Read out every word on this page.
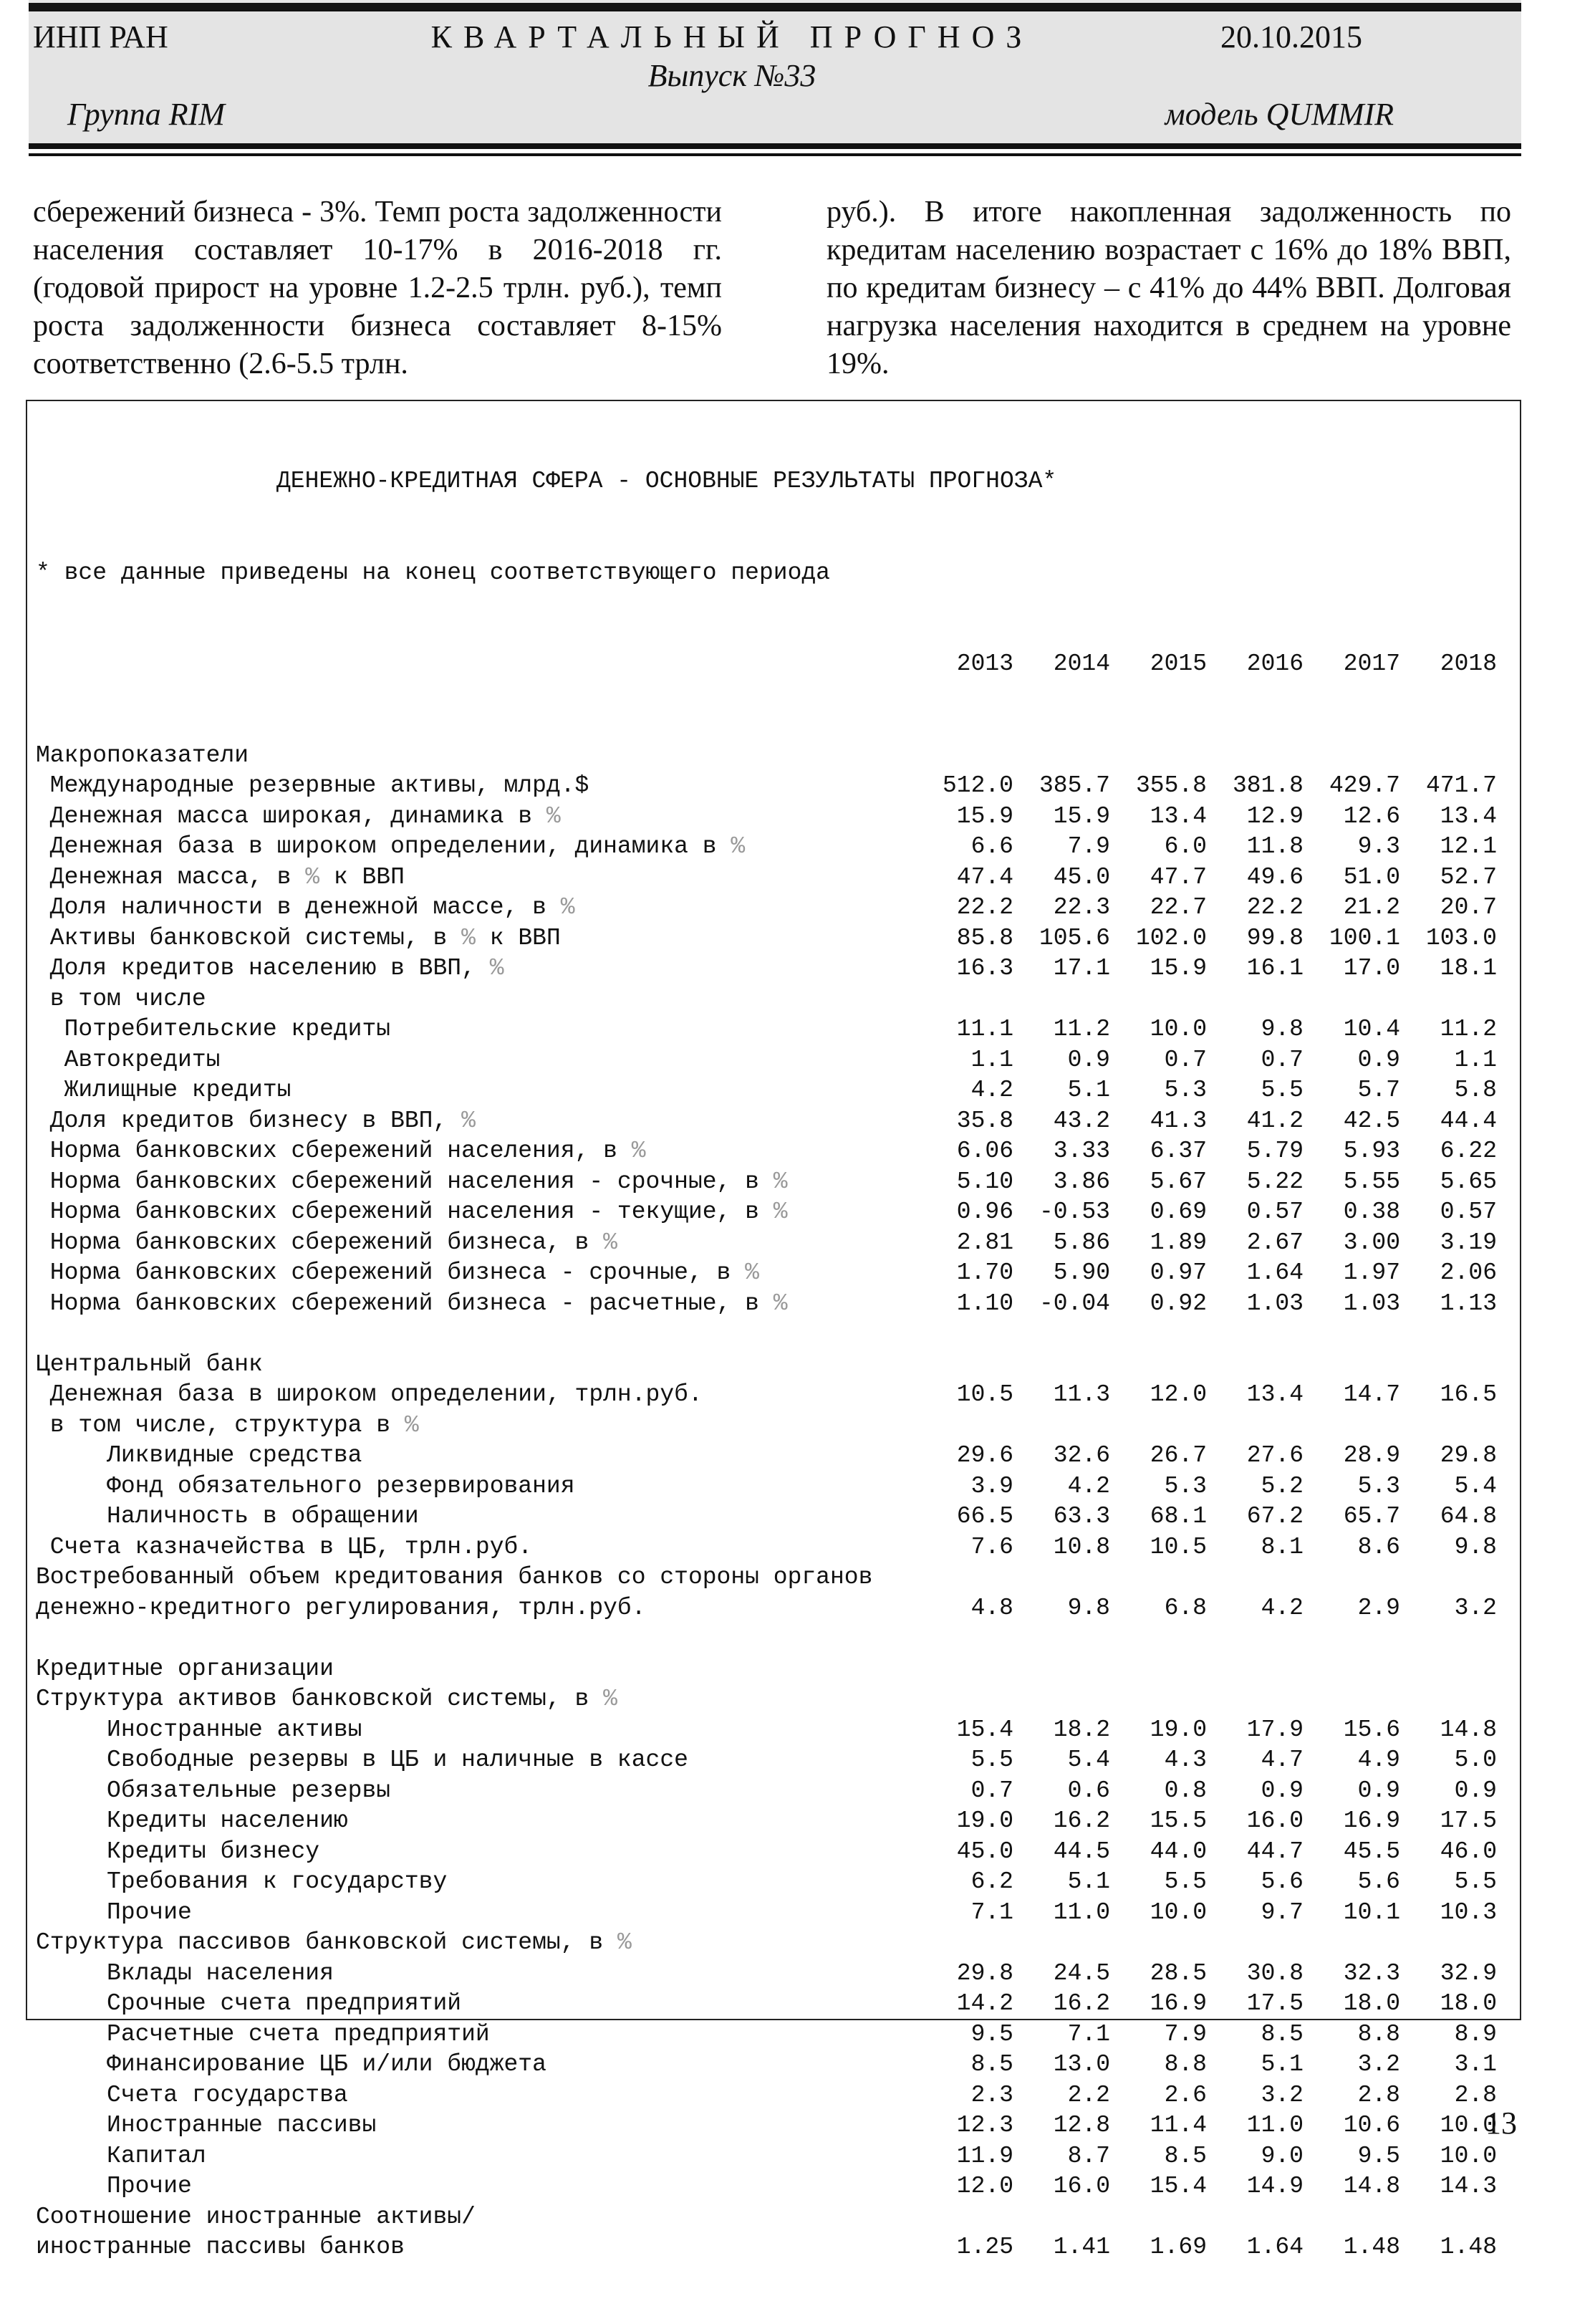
ИНП РАН	КВАРТАЛЬНЫЙ ПРОГНОЗ	20.10.2015
Выпуск №33
Группа RIM	модель QUMMIR
сбережений бизнеса - 3%. Темп роста задолженности населения составляет 10-17% в 2016-2018 гг. (годовой прирост на уровне 1.2-2.5 трлн. руб.), темп роста задолженности бизнеса составляет 8-15% соответственно (2.6-5.5 трлн.
руб.). В итоге накопленная задолженность по кредитам населению возрастает с 16% до 18% ВВП, по кредитам бизнесу – с 41% до 44% ВВП. Долговая нагрузка населения находится в среднем на уровне 19%.

ДЕНЕЖНО-КРЕДИТНАЯ СФЕРА - ОСНОВНЫЕ РЕЗУЛЬТАТЫ ПРОГНОЗА*

* все данные приведены на конец соответствующего периода

2013 2014 2015 2016 2017 2018

Макропоказатели
Международные резервные активы, млрд.$	512.0 385.7 355.8 381.8 429.7 471.7
Денежная масса широкая, динамика в %	15.9 15.9 13.4 12.9 12.6 13.4
Денежная база в широком определении, динамика в %	6.6 7.9 6.0 11.8 9.3 12.1
Денежная масса, в % к ВВП	47.4 45.0 47.7 49.6 51.0 52.7
Доля наличности в денежной массе, в %	22.2 22.3 22.7 22.2 21.2 20.7
Активы банковской системы, в % к ВВП	85.8 105.6 102.0 99.8 100.1 103.0
Доля кредитов населению в ВВП, %	16.3 17.1 15.9 16.1 17.0 18.1
в том числе
Потребительские кредиты	11.1 11.2 10.0 9.8 10.4 11.2
Автокредиты	1.1 0.9 0.7 0.7 0.9 1.1
Жилищные кредиты	4.2 5.1 5.3 5.5 5.7 5.8
Доля кредитов бизнесу в ВВП, %	35.8 43.2 41.3 41.2 42.5 44.4
Норма банковских сбережений населения, в %	6.06 3.33 6.37 5.79 5.93 6.22
Норма банковских сбережений населения - срочные, в %	5.10 3.86 5.67 5.22 5.55 5.65
Норма банковских сбережений населения - текущие, в %	0.96 -0.53 0.69 0.57 0.38 0.57
Норма банковских сбережений бизнеса, в %	2.81 5.86 1.89 2.67 3.00 3.19
Норма банковских сбережений бизнеса - срочные, в %	1.70 5.90 0.97 1.64 1.97 2.06
Норма банковских сбережений бизнеса - расчетные, в %	1.10 -0.04 0.92 1.03 1.03 1.13
Центральный банк
Денежная база в широком определении, трлн.руб.	10.5 11.3 12.0 13.4 14.7 16.5
в том числе, структура в %
Ликвидные средства	29.6 32.6 26.7 27.6 28.9 29.8
Фонд обязательного резервирования	3.9 4.2 5.3 5.2 5.3 5.4
Наличность в обращении	66.5 63.3 68.1 67.2 65.7 64.8
Счета казначейства в ЦБ, трлн.руб.	7.6 10.8 10.5 8.1 8.6 9.8
Востребованный объем кредитования банков со стороны органов
денежно-кредитного регулирования, трлн.руб.	4.8 9.8 6.8 4.2 2.9 3.2
Кредитные организации
Структура активов банковской системы, в %
Иностранные активы	15.4 18.2 19.0 17.9 15.6 14.8
Свободные резервы в ЦБ и наличные в кассе	5.5 5.4 4.3 4.7 4.9 5.0
Обязательные резервы	0.7 0.6 0.8 0.9 0.9 0.9
Кредиты населению	19.0 16.2 15.5 16.0 16.9 17.5
Кредиты бизнесу	45.0 44.5 44.0 44.7 45.5 46.0
Требования к государству	6.2 5.1 5.5 5.6 5.6 5.5
Прочие	7.1 11.0 10.0 9.7 10.1 10.3
Структура пассивов банковской системы, в %
Вклады населения	29.8 24.5 28.5 30.8 32.3 32.9
Срочные счета предприятий	14.2 16.2 16.9 17.5 18.0 18.0
Расчетные счета предприятий	9.5 7.1 7.9 8.5 8.8 8.9
Финансирование ЦБ и/или бюджета	8.5 13.0 8.8 5.1 3.2 3.1
Счета государства	2.3 2.2 2.6 3.2 2.8 2.8
Иностранные пассивы	12.3 12.8 11.4 11.0 10.6 10.0
Капитал	11.9 8.7 8.5 9.0 9.5 10.0
Прочие	12.0 16.0 15.4 14.9 14.8 14.3
Соотношение иностранные активы/
иностранные пассивы банков	1.25 1.41 1.69 1.64 1.48 1.48

13
